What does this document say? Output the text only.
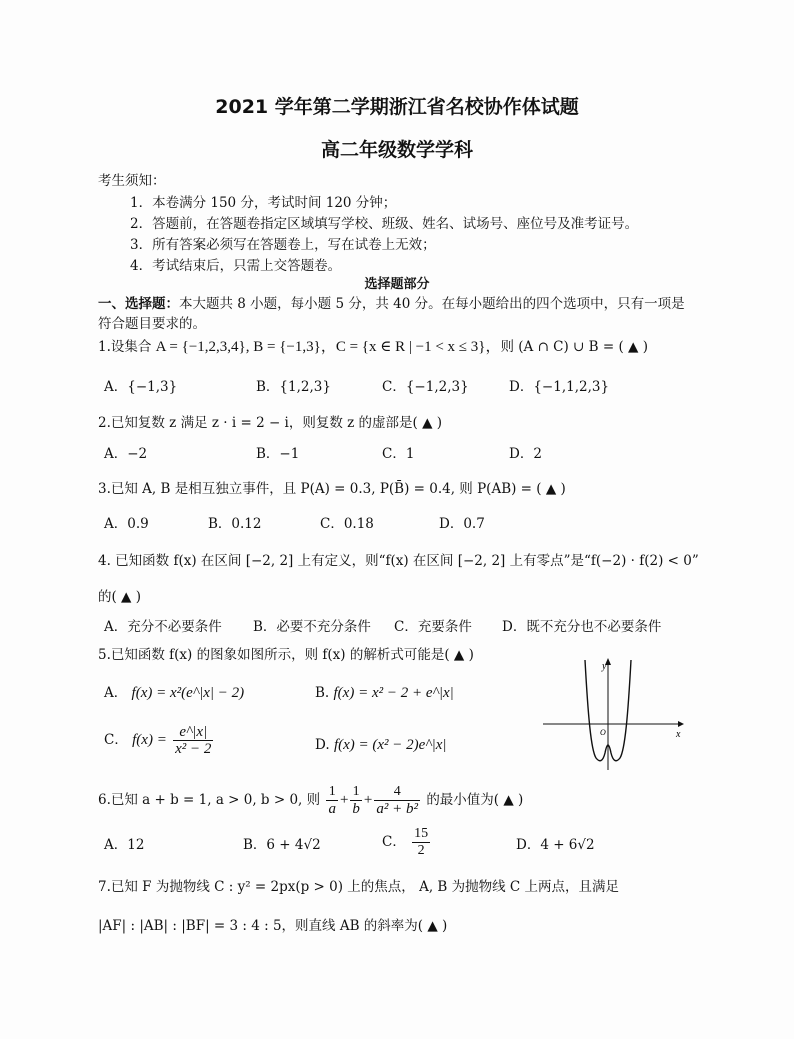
2021 学年第二学期浙江省名校协作体试题
高二年级数学学科
考生须知：
1．本卷满分 150 分，考试时间 120 分钟；
2．答题前，在答题卷指定区域填写学校、班级、姓名、试场号、座位号及准考证号。
3．所有答案必须写在答题卷上，写在试卷上无效；
4．考试结束后，只需上交答题卷。
选择题部分
一、选择题：本大题共 8 小题，每小题 5 分，共 40 分。在每小题给出的四个选项中，只有一项是
符合题目要求的。
1.设集合 A = {−1,2,3,4}, B = {−1,3}，C = {x ∈ R | −1 < x ≤ 3}，则 (A ∩ C) ∪ B = ( ▲ )
A．{−1,3}	B．{1,2,3}	C．{−1,2,3}	D．{−1,1,2,3}
2.已知复数 z 满足 z · i = 2 − i，则复数 z 的虚部是( ▲ )
A．−2	B．−1	C．1	D．2
3.已知 A, B 是相互独立事件，且 P(A) = 0.3, P(B̄) = 0.4, 则 P(AB) = ( ▲ )
A．0.9	B．0.12	C．0.18	D．0.7
4. 已知函数 f(x) 在区间 [−2, 2] 上有定义，则“f(x) 在区间 [−2, 2] 上有零点”是“f(−2) · f(2) < 0”
的( ▲ )
A．充分不必要条件 B．必要不充分条件 C．充要条件 D．既不充分也不必要条件
5.已知函数 f(x) 的图象如图所示，则 f(x) 的解析式可能是( ▲ )
A． f(x) = x²(e^|x| − 2)	B. f(x) = x² − 2 + e^|x|
C． $f(x) = \frac{e\^{}|x|}{\text{x² − 2}}$	D. f(x) = (x² − 2)e^|x|
y
x
O
6.已知 a + b = 1, a > 0, b > 0, 则 $\frac{1}{a} + \frac{1}{b} + \frac{4}{\text{a² + b²}}$ 的最小值为( ▲ )
A．12	B．6 + 4√2	C． $\frac{15}{2}$	D．4 + 6√2
7.已知 F 为抛物线 C : y² = 2px(p > 0) 上的焦点， A, B 为抛物线 C 上两点，且满足
|AF| : |AB| : |BF| = 3 : 4 : 5，则直线 AB 的斜率为( ▲ )
